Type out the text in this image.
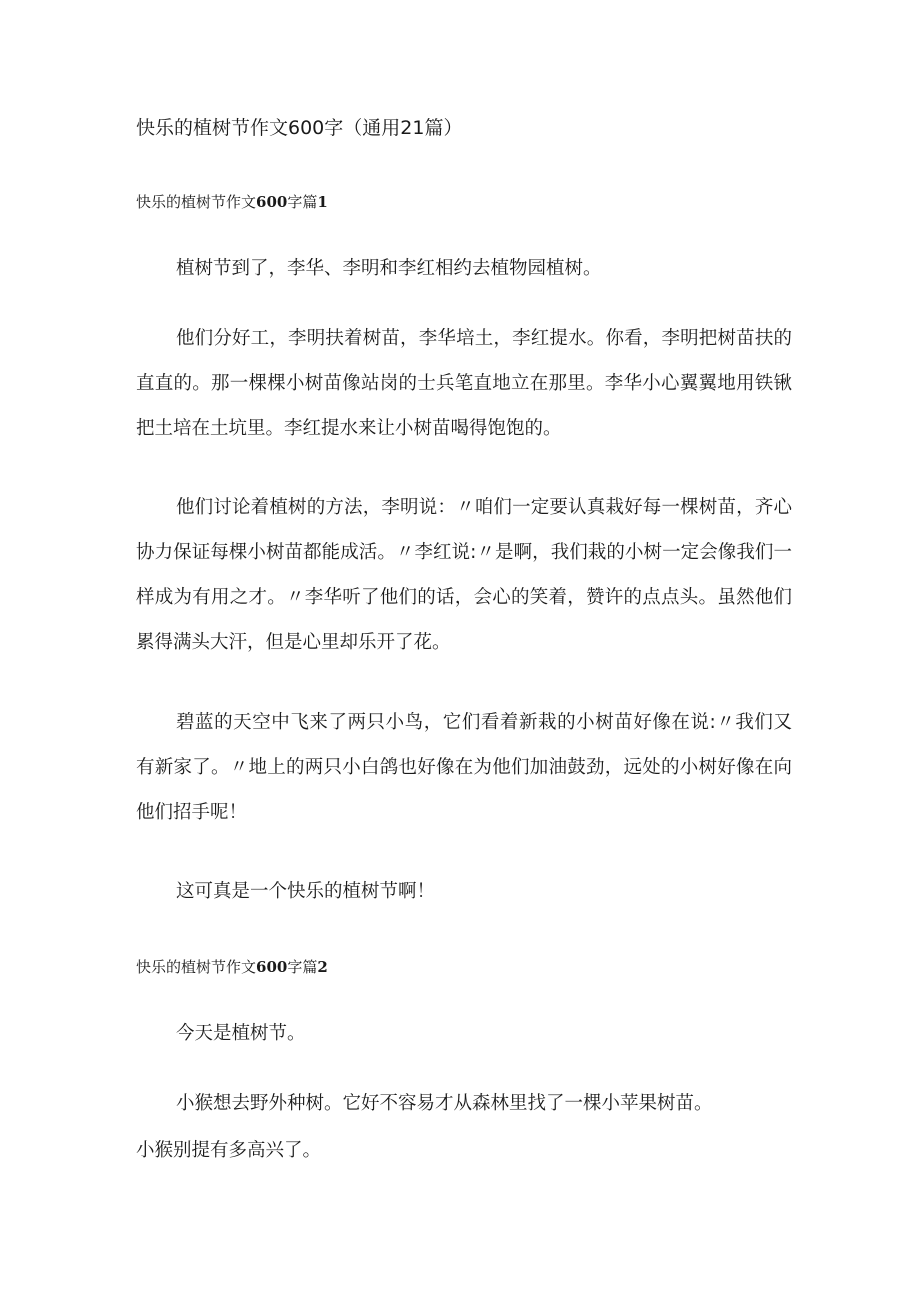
快乐的植树节作文600字（通用21篇）
快乐的植树节作文600字篇1

植树节到了，李华、李明和李红相约去植物园植树。

他们分好工，李明扶着树苗，李华培土，李红提水。你看，李明把树苗扶的直直的。那一棵棵小树苗像站岗的士兵笔直地立在那里。李华小心翼翼地用铁锹把土培在土坑里。李红提水来让小树苗喝得饱饱的。

他们讨论着植树的方法，李明说：〃咱们一定要认真栽好每一棵树苗，齐心协力保证每棵小树苗都能成活。〃李红说:〃是啊，我们栽的小树一定会像我们一样成为有用之才。〃李华听了他们的话，会心的笑着，赞许的点点头。虽然他们累得满头大汗，但是心里却乐开了花。

碧蓝的天空中飞来了两只小鸟，它们看着新栽的小树苗好像在说:〃我们又有新家了。〃地上的两只小白鸽也好像在为他们加油鼓劲，远处的小树好像在向他们招手呢！

这可真是一个快乐的植树节啊！

快乐的植树节作文600字篇2

今天是植树节。

小猴想去野外种树。它好不容易才从森林里找了一棵小苹果树苗。

小猴别提有多高兴了。
